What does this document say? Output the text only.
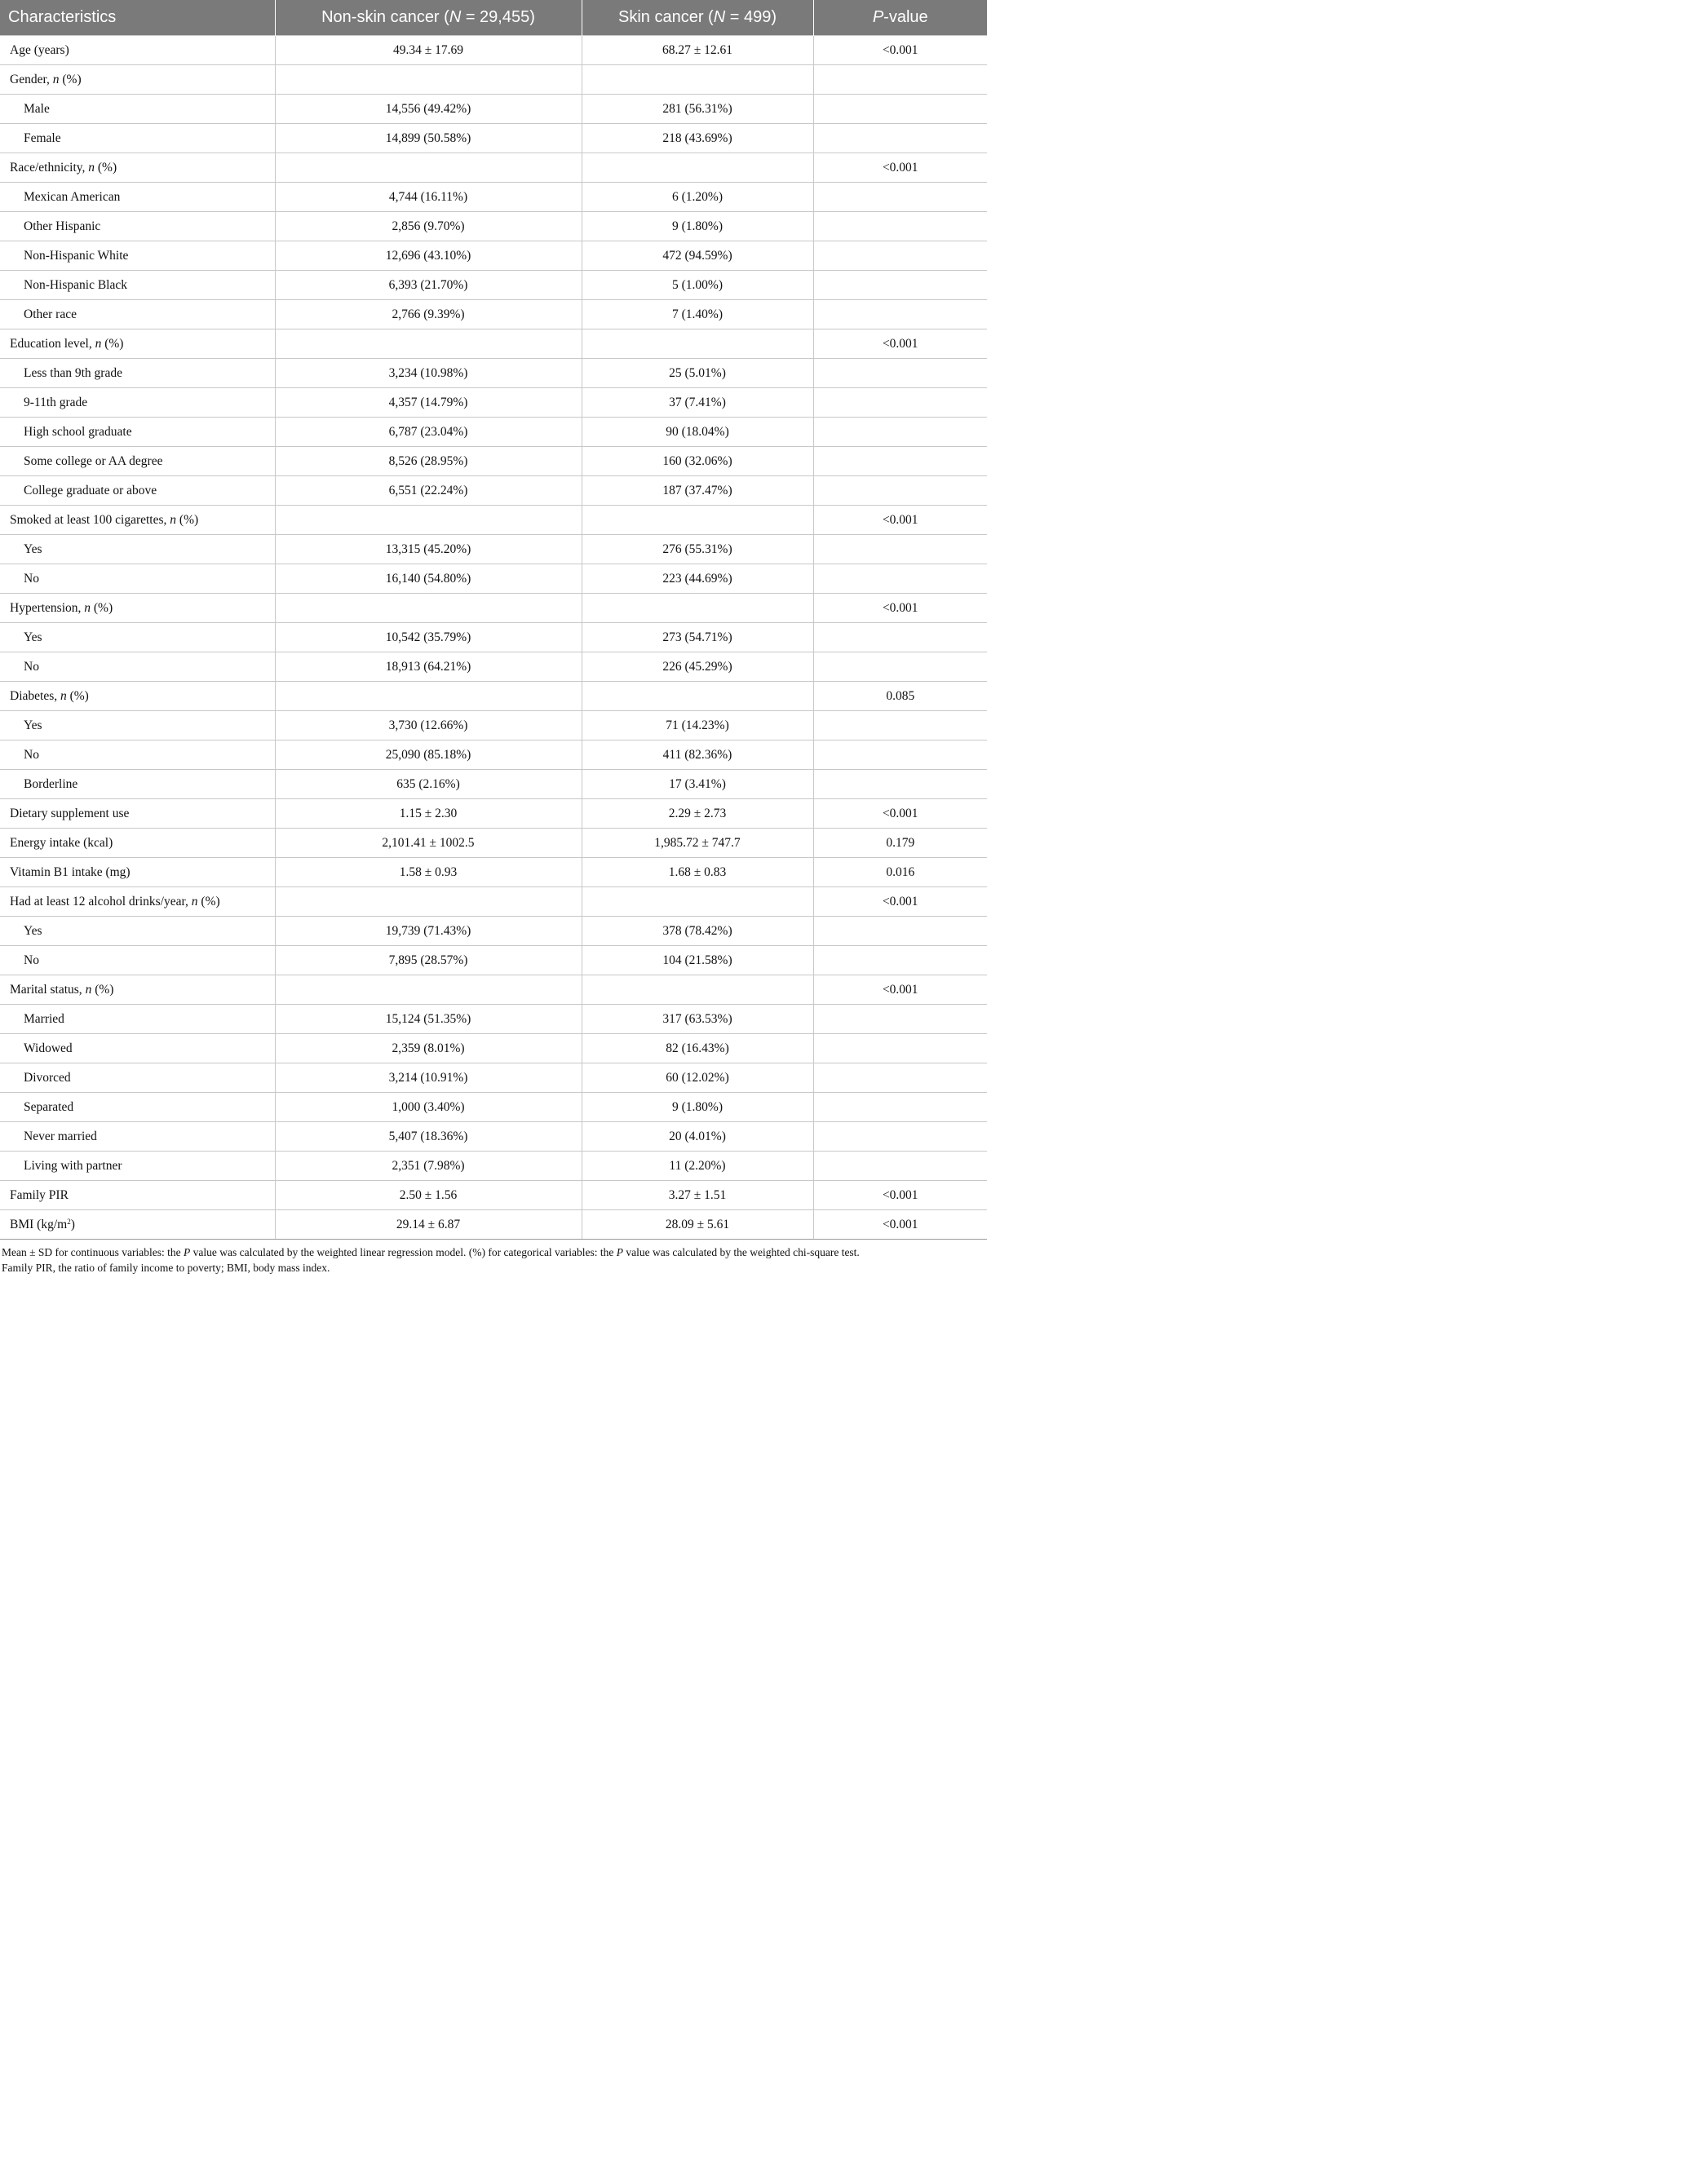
Characteristics	Non-skin cancer (N = 29,455)	Skin cancer (N = 499)	P-value
Age (years)	49.34 ± 17.69	68.27 ± 12.61	<0.001
Gender, n (%)			
Male	14,556 (49.42%)	281 (56.31%)	
Female	14,899 (50.58%)	218 (43.69%)	
Race/ethnicity, n (%)			<0.001
Mexican American	4,744 (16.11%)	6 (1.20%)	
Other Hispanic	2,856 (9.70%)	9 (1.80%)	
Non-Hispanic White	12,696 (43.10%)	472 (94.59%)	
Non-Hispanic Black	6,393 (21.70%)	5 (1.00%)	
Other race	2,766 (9.39%)	7 (1.40%)	
Education level, n (%)			<0.001
Less than 9th grade	3,234 (10.98%)	25 (5.01%)	
9-11th grade	4,357 (14.79%)	37 (7.41%)	
High school graduate	6,787 (23.04%)	90 (18.04%)	
Some college or AA degree	8,526 (28.95%)	160 (32.06%)	
College graduate or above	6,551 (22.24%)	187 (37.47%)	
Smoked at least 100 cigarettes, n (%)			<0.001
Yes	13,315 (45.20%)	276 (55.31%)	
No	16,140 (54.80%)	223 (44.69%)	
Hypertension, n (%)			<0.001
Yes	10,542 (35.79%)	273 (54.71%)	
No	18,913 (64.21%)	226 (45.29%)	
Diabetes, n (%)			0.085
Yes	3,730 (12.66%)	71 (14.23%)	
No	25,090 (85.18%)	411 (82.36%)	
Borderline	635 (2.16%)	17 (3.41%)	
Dietary supplement use	1.15 ± 2.30	2.29 ± 2.73	<0.001
Energy intake (kcal)	2,101.41 ± 1002.5	1,985.72 ± 747.7	0.179
Vitamin B1 intake (mg)	1.58 ± 0.93	1.68 ± 0.83	0.016
Had at least 12 alcohol drinks/year, n (%)			<0.001
Yes	19,739 (71.43%)	378 (78.42%)	
No	7,895 (28.57%)	104 (21.58%)	
Marital status, n (%)			<0.001
Married	15,124 (51.35%)	317 (63.53%)	
Widowed	2,359 (8.01%)	82 (16.43%)	
Divorced	3,214 (10.91%)	60 (12.02%)	
Separated	1,000 (3.40%)	9 (1.80%)	
Never married	5,407 (18.36%)	20 (4.01%)	
Living with partner	2,351 (7.98%)	11 (2.20%)	
Family PIR	2.50 ± 1.56	3.27 ± 1.51	<0.001
BMI $(kg/m^2)$	29.14 ± 6.87	28.09 ± 5.61	<0.001
Mean ± SD for continuous variables: the P value was calculated by the weighted linear regression model. (%) for categorical variables: the P value was calculated by the weighted chi-square test.
Family PIR, the ratio of family income to poverty; BMI, body mass index.
